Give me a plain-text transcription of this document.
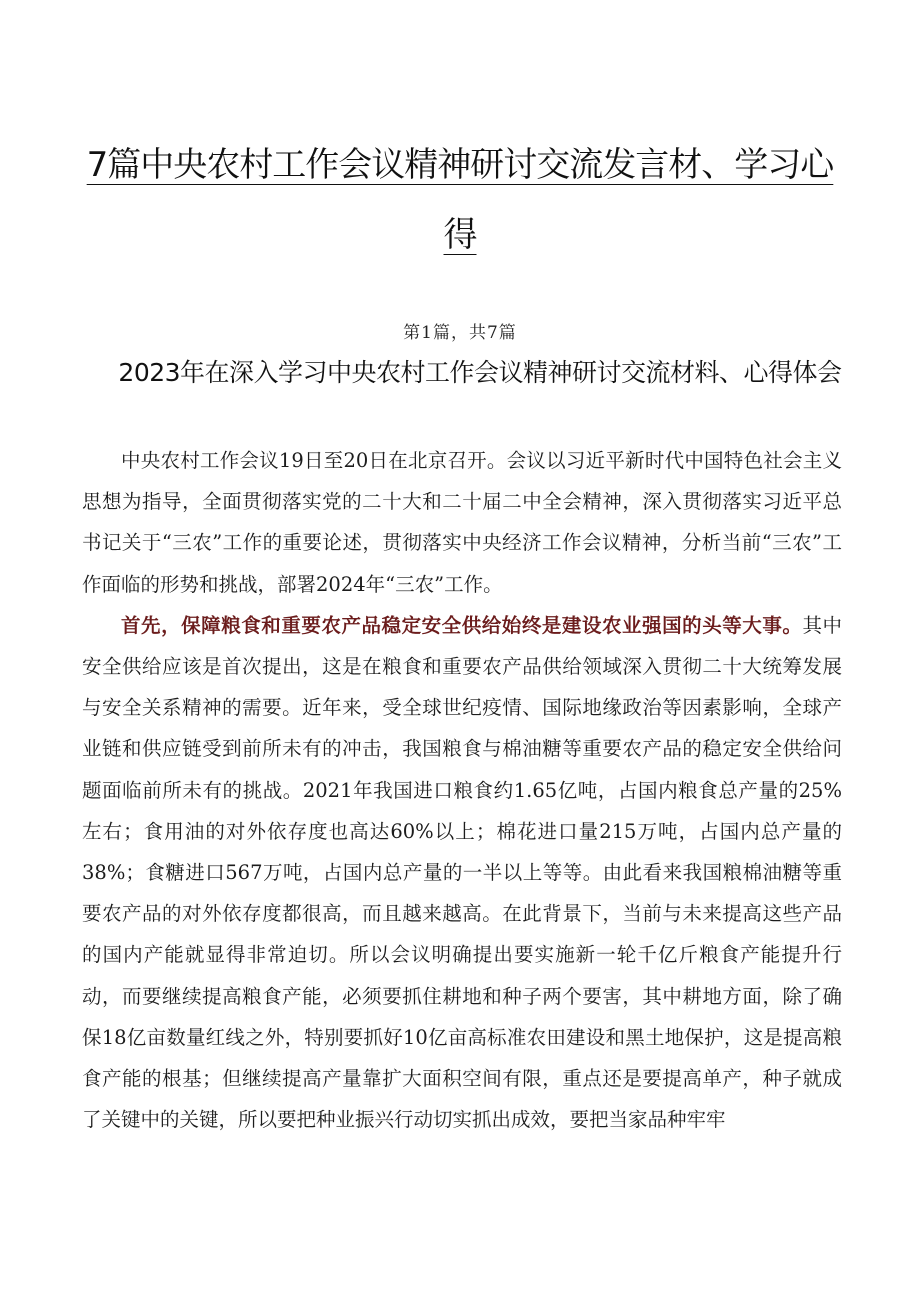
7篇中央农村工作会议精神研讨交流发言材、学习心得
第1篇，共7篇
2023年在深入学习中央农村工作会议精神研讨交流材料、心得体会

中央农村工作会议19日至20日在北京召开。会议以习近平新时代中国特色社会主义思想为指导，全面贯彻落实党的二十大和二十届二中全会精神，深入贯彻落实习近平总书记关于“三农”工作的重要论述，贯彻落实中央经济工作会议精神，分析当前“三农”工作面临的形势和挑战，部署2024年“三农”工作。

首先，保障粮食和重要农产品稳定安全供给始终是建设农业强国的头等大事。其中安全供给应该是首次提出，这是在粮食和重要农产品供给领域深入贯彻二十大统筹发展与安全关系精神的需要。近年来，受全球世纪疫情、国际地缘政治等因素影响，全球产业链和供应链受到前所未有的冲击，我国粮食与棉油糖等重要农产品的稳定安全供给问题面临前所未有的挑战。2021年我国进口粮食约1.65亿吨，占国内粮食总产量的25%左右；食用油的对外依存度也高达60%以上；棉花进口量215万吨，占国内总产量的38%；食糖进口567万吨，占国内总产量的一半以上等等。由此看来我国粮棉油糖等重要农产品的对外依存度都很高，而且越来越高。在此背景下，当前与未来提高这些产品的国内产能就显得非常迫切。所以会议明确提出要实施新一轮千亿斤粮食产能提升行动，而要继续提高粮食产能，必须要抓住耕地和种子两个要害，其中耕地方面，除了确保18亿亩数量红线之外，特别要抓好10亿亩高标准农田建设和黑土地保护，这是提高粮食产能的根基；但继续提高产量靠扩大面积空间有限，重点还是要提高单产，种子就成了关键中的关键，所以要把种业振兴行动切实抓出成效，要把当家品种牢牢
